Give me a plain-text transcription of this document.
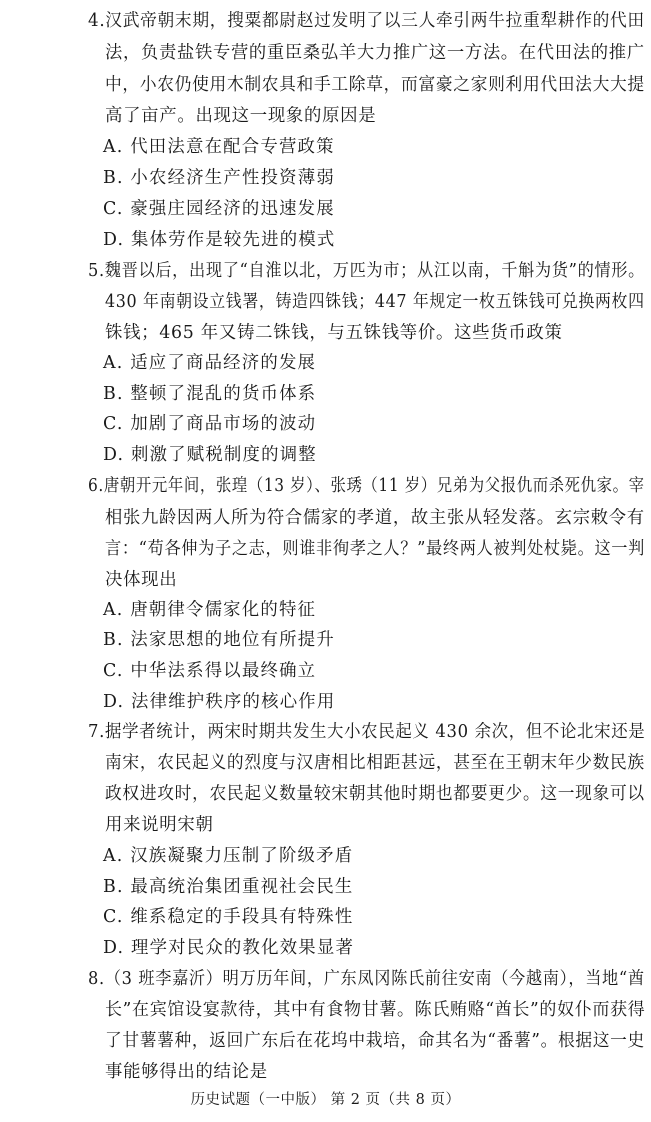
4.汉武帝朝末期，搜粟都尉赵过发明了以三人牵引两牛拉重犁耕作的代田
法，负责盐铁专营的重臣桑弘羊大力推广这一方法。在代田法的推广
中，小农仍使用木制农具和手工除草，而富豪之家则利用代田法大大提
高了亩产。出现这一现象的原因是
A. 代田法意在配合专营政策
B. 小农经济生产性投资薄弱
C. 豪强庄园经济的迅速发展
D. 集体劳作是较先进的模式
5.魏晋以后，出现了“自淮以北，万匹为市；从江以南，千斛为货”的情形。
430 年南朝设立钱署，铸造四铢钱；447 年规定一枚五铢钱可兑换两枚四
铢钱；465 年又铸二铢钱，与五铢钱等价。这些货币政策
A. 适应了商品经济的发展
B. 整顿了混乱的货币体系
C. 加剧了商品市场的波动
D. 刺激了赋税制度的调整
6.唐朝开元年间，张瑝（13 岁）、张琇（11 岁）兄弟为父报仇而杀死仇家。宰
相张九龄因两人所为符合儒家的孝道，故主张从轻发落。玄宗敕令有
言：“苟各伸为子之志，则谁非徇孝之人？”最终两人被判处杖毙。这一判
决体现出
A. 唐朝律令儒家化的特征
B. 法家思想的地位有所提升
C. 中华法系得以最终确立
D. 法律维护秩序的核心作用
7.据学者统计，两宋时期共发生大小农民起义 430 余次，但不论北宋还是
南宋，农民起义的烈度与汉唐相比相距甚远，甚至在王朝末年少数民族
政权进攻时，农民起义数量较宋朝其他时期也都要更少。这一现象可以
用来说明宋朝
A. 汉族凝聚力压制了阶级矛盾
B. 最高统治集团重视社会民生
C. 维系稳定的手段具有特殊性
D. 理学对民众的教化效果显著
8.（3 班李嘉沂）明万历年间，广东凤冈陈氏前往安南（今越南），当地“酋
长”在宾馆设宴款待，其中有食物甘薯。陈氏贿赂“酋长”的奴仆而获得
了甘薯薯种，返回广东后在花坞中栽培，命其名为“番薯”。根据这一史
事能够得出的结论是
历史试题（一中版） 第 2 页（共 8 页）
